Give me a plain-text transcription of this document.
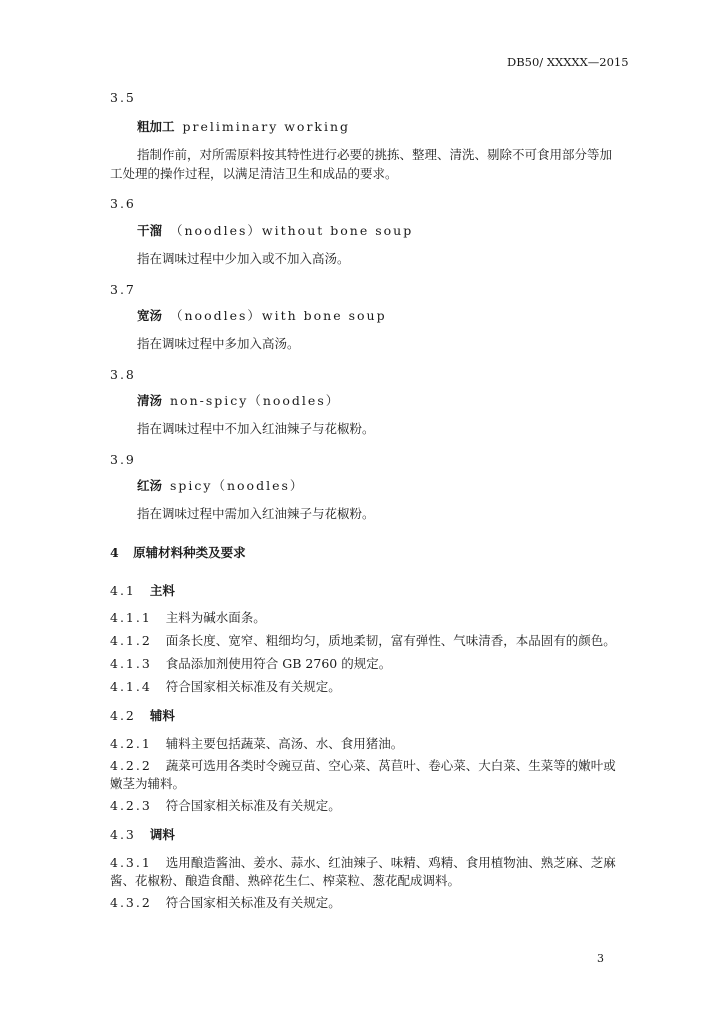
DB50/ XXXXX—2015
3.5
粗加工 preliminary working
指制作前，对所需原料按其特性进行必要的挑拣、整理、清洗、剔除不可食用部分等加
工处理的操作过程，以满足清洁卫生和成品的要求。
3.6
干溜 （noodles）without bone soup
指在调味过程中少加入或不加入高汤。
3.7
宽汤 （noodles）with bone soup
指在调味过程中多加入高汤。
3.8
清汤 non-spicy（noodles）
指在调味过程中不加入红油辣子与花椒粉。
3.9
红汤 spicy（noodles）
指在调味过程中需加入红油辣子与花椒粉。
4 原辅材料种类及要求
4.1 主料
4.1.1 主料为碱水面条。
4.1.2 面条长度、宽窄、粗细均匀，质地柔韧，富有弹性、气味清香，本品固有的颜色。
4.1.3 食品添加剂使用符合 GB 2760 的规定。
4.1.4 符合国家相关标准及有关规定。
4.2 辅料
4.2.1 辅料主要包括蔬菜、高汤、水、食用猪油。
4.2.2 蔬菜可选用各类时令豌豆苗、空心菜、莴苣叶、卷心菜、大白菜、生菜等的嫩叶或
嫩茎为辅料。
4.2.3 符合国家相关标准及有关规定。
4.3 调料
4.3.1 选用酿造酱油、姜水、蒜水、红油辣子、味精、鸡精、食用植物油、熟芝麻、芝麻
酱、花椒粉、酿造食醋、熟碎花生仁、榨菜粒、葱花配成调料。
4.3.2 符合国家相关标准及有关规定。
3
